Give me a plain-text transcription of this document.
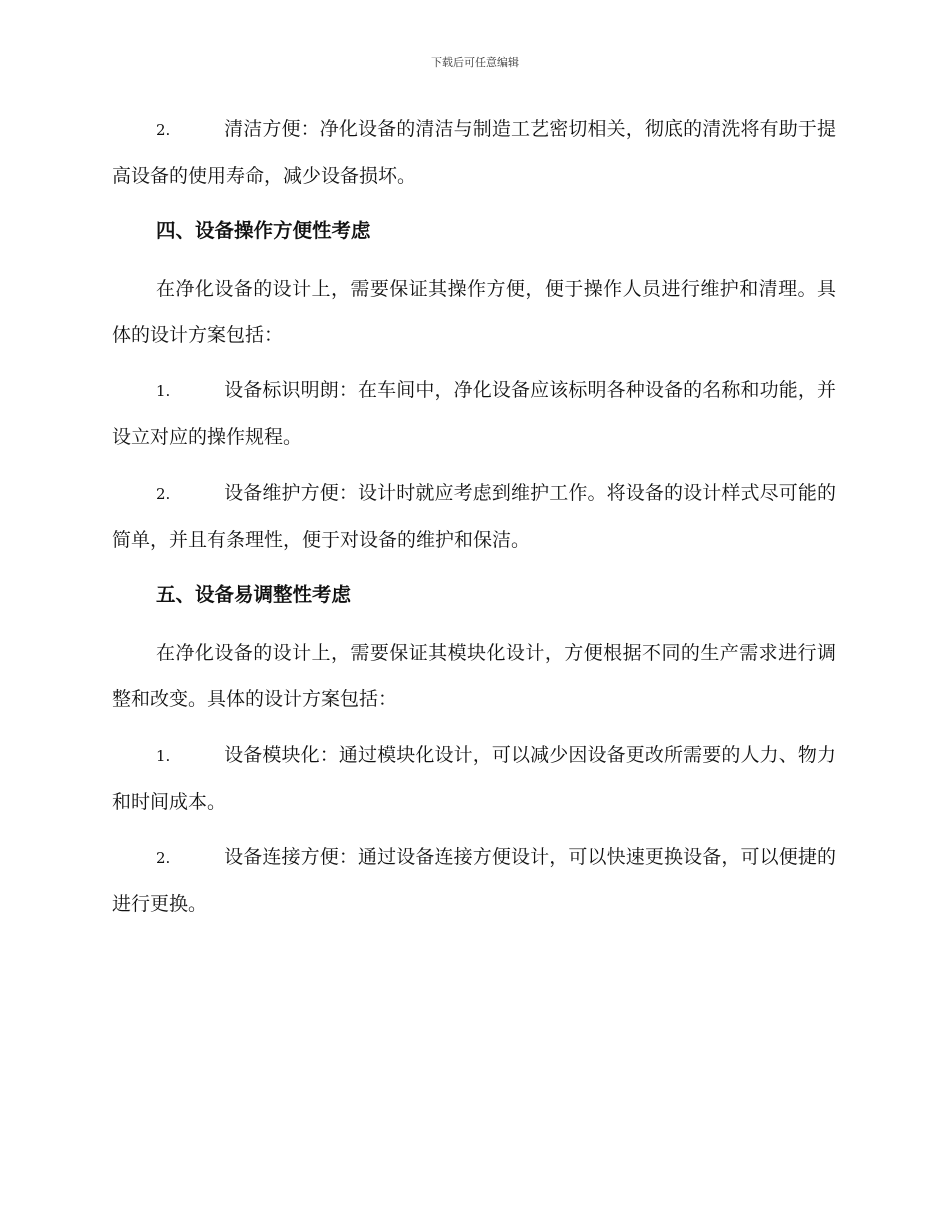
下载后可任意编辑
2.	清洁方便：净化设备的清洁与制造工艺密切相关，彻底的清洗将有助于提高设备的使用寿命，减少设备损坏。
四、设备操作方便性考虑
在净化设备的设计上，需要保证其操作方便，便于操作人员进行维护和清理。具体的设计方案包括：
1.	设备标识明朗：在车间中，净化设备应该标明各种设备的名称和功能，并设立对应的操作规程。
2.	设备维护方便：设计时就应考虑到维护工作。将设备的设计样式尽可能的简单，并且有条理性，便于对设备的维护和保洁。
五、设备易调整性考虑
在净化设备的设计上，需要保证其模块化设计，方便根据不同的生产需求进行调整和改变。具体的设计方案包括：
1.	设备模块化：通过模块化设计，可以减少因设备更改所需要的人力、物力和时间成本。
2.	设备连接方便：通过设备连接方便设计，可以快速更换设备，可以便捷的进行更换。
